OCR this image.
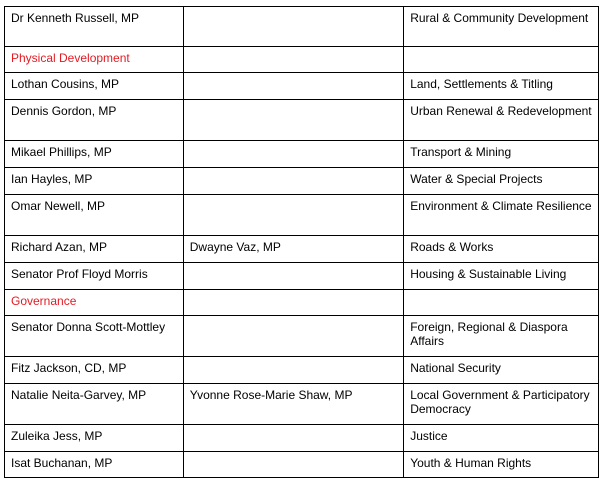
Dr Kenneth Russell, MP		Rural & Community Development
Physical Development		
Lothan Cousins, MP		Land, Settlements & Titling
Dennis Gordon, MP		Urban Renewal & Redevelopment
Mikael Phillips, MP		Transport & Mining
Ian Hayles, MP		Water & Special Projects
Omar Newell, MP		Environment & Climate Resilience
Richard Azan, MP	Dwayne Vaz, MP	Roads & Works
Senator Prof Floyd Morris		Housing & Sustainable Living
Governance		
Senator Donna Scott-Mottley		Foreign, Regional & Diaspora Affairs
Fitz Jackson, CD, MP		National Security
Natalie Neita-Garvey, MP	Yvonne Rose-Marie Shaw, MP	Local Government & Participatory Democracy
Zuleika Jess, MP		Justice
Isat Buchanan, MP		Youth & Human Rights
